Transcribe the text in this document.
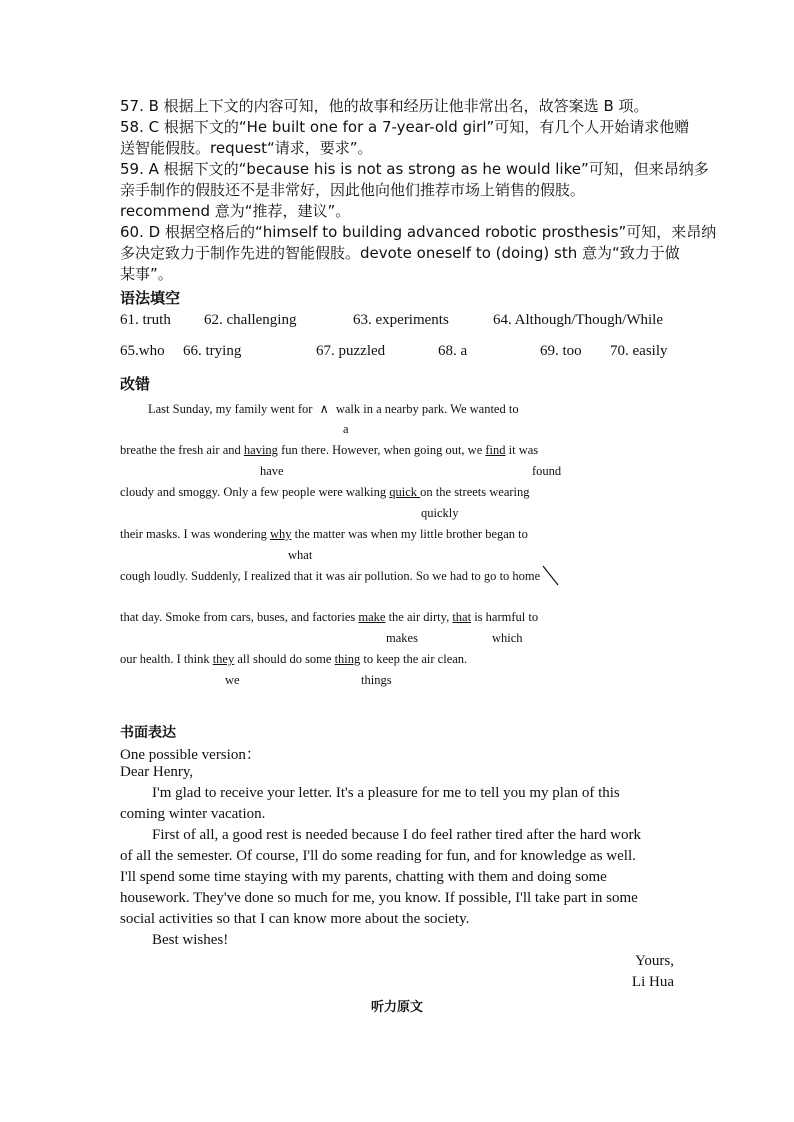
57. B 根据上下文的内容可知，他的故事和经历让他非常出名，故答案选 B 项。
58. C 根据下文的“He built one for a 7-year-old girl”可知，有几个人开始请求他赠
送智能假肢。request“请求，要求”。
59. A 根据下文的“because his is not as strong as he would like”可知，但来昂纳多
亲手制作的假肢还不是非常好，因此他向他们推荐市场上销售的假肢。
recommend 意为“推荐，建议”。
60. D 根据空格后的“himself to building advanced robotic prosthesis”可知，来昂纳
多决定致力于制作先进的智能假肢。devote oneself to (doing) sth 意为“致力于做
某事”。
语法填空
61. truth 62. challenging	63. experiments	64. Although/Though/While
65.who 66. trying	67. puzzled	68. a	69. too 70. easily
改错
Last Sunday, my family went for ∧ walk in a nearby park. We wanted to
a
breathe the fresh air and having fun there. However, when going out, we find it was
have	found
cloudy and smoggy. Only a few people were walking quick on the streets wearing
quickly
their masks. I was wondering why the matter was when my little brother began to
what
cough loudly. Suddenly, I realized that it was air pollution. So we had to go to home
that day. Smoke from cars, buses, and factories make the air dirty, that is harmful to
makes	which
our health. I think they all should do some thing to keep the air clean.
we	things
书面表达
One possible version：
Dear Henry,
I'm glad to receive your letter. It's a pleasure for me to tell you my plan of this
coming winter vacation.
First of all, a good rest is needed because I do feel rather tired after the hard work
of all the semester. Of course, I'll do some reading for fun, and for knowledge as well.
I'll spend some time staying with my parents, chatting with them and doing some
housework. They've done so much for me, you know. If possible, I'll take part in some
social activities so that I can know more about the society.
Best wishes!
Yours,
Li Hua
听力原文
